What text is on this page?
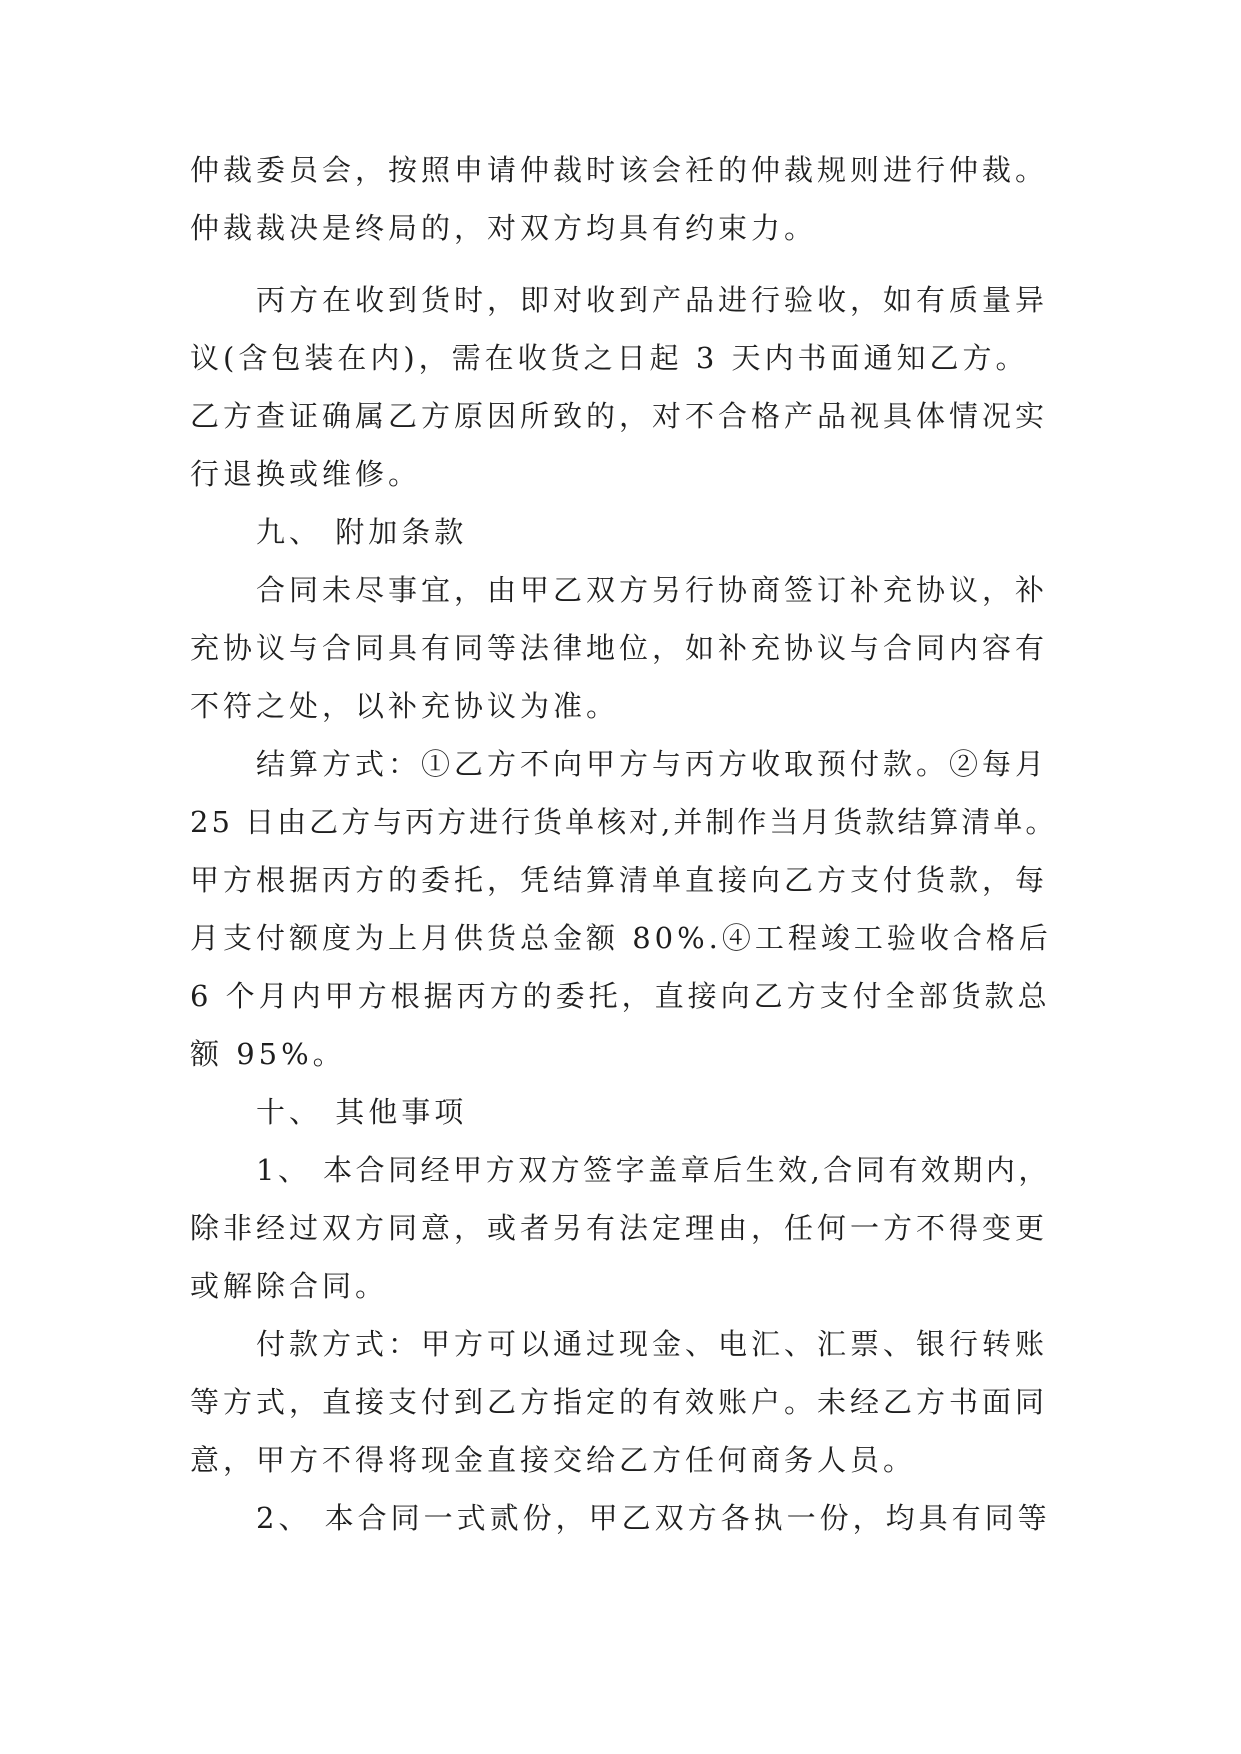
仲裁委员会，按照申请仲裁时该会衽的仲裁规则进行仲裁。
仲裁裁决是终局的，对双方均具有约束力。
丙方在收到货时，即对收到产品进行验收，如有质量异
议(含包装在内)，需在收货之日起 3 天内书面通知乙方。
乙方查证确属乙方原因所致的，对不合格产品视具体情况实
行退换或维修。
九、 附加条款
合同未尽事宜，由甲乙双方另行协商签订补充协议，补
充协议与合同具有同等法律地位，如补充协议与合同内容有
不符之处，以补充协议为准。
结算方式：①乙方不向甲方与丙方收取预付款。②每月
25 日由乙方与丙方进行货单核对,并制作当月货款结算清单。
甲方根据丙方的委托，凭结算清单直接向乙方支付货款，每
月支付额度为上月供货总金额 80%.④工程竣工验收合格后
6 个月内甲方根据丙方的委托，直接向乙方支付全部货款总
额 95%。
十、 其他事项
1、 本合同经甲方双方签字盖章后生效,合同有效期内，
除非经过双方同意，或者另有法定理由，任何一方不得变更
或解除合同。
付款方式：甲方可以通过现金、电汇、汇票、银行转账
等方式，直接支付到乙方指定的有效账户。未经乙方书面同
意，甲方不得将现金直接交给乙方任何商务人员。
2、 本合同一式贰份，甲乙双方各执一份，均具有同等
